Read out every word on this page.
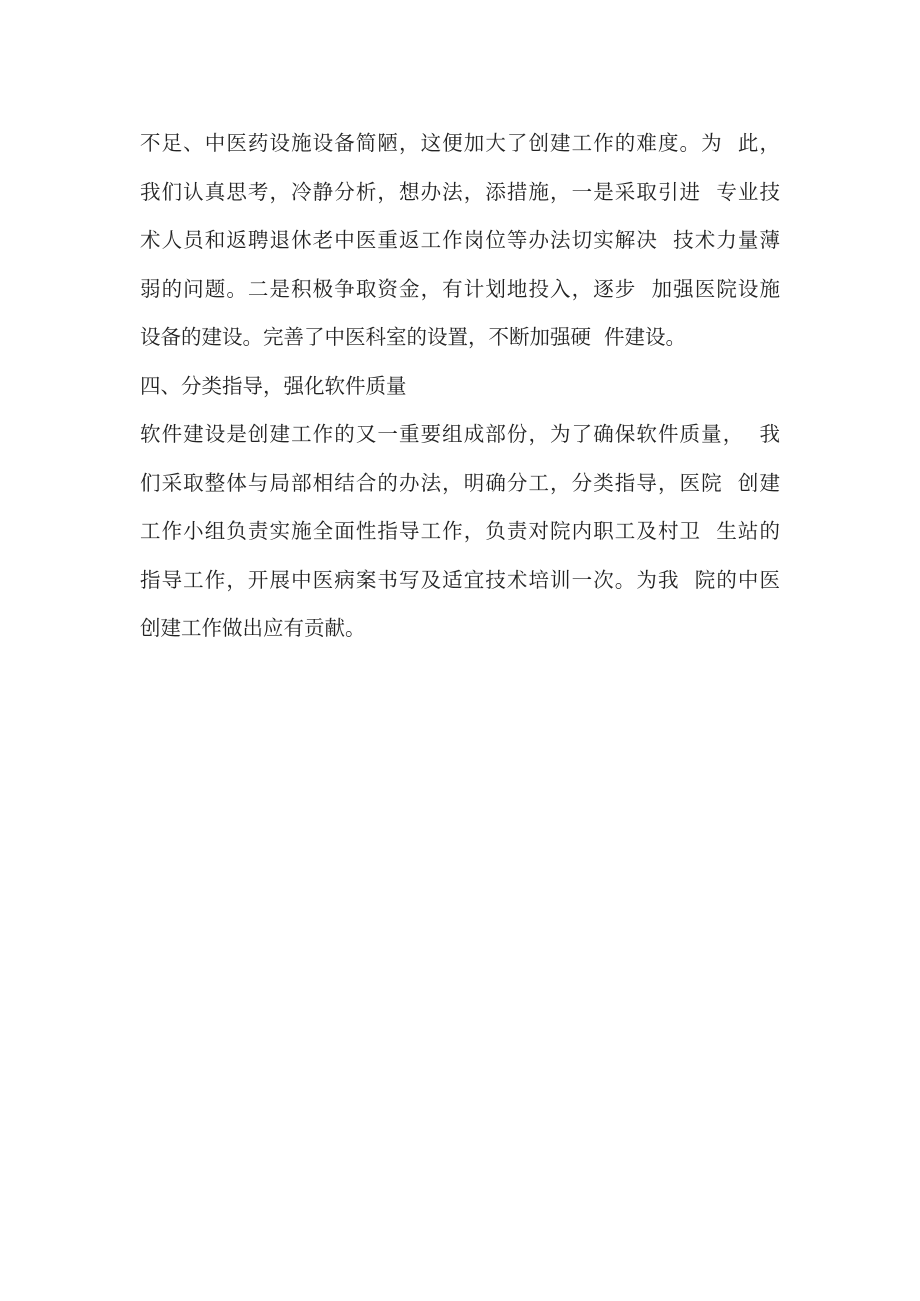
不足、中医药设施设备简陋，这便加大了创建工作的难度。为  此，
我们认真思考，冷静分析，想办法，添措施，一是采取引进  专业技
术人员和返聘退休老中医重返工作岗位等办法切实解决  技术力量薄
弱的问题。二是积极争取资金，有计划地投入，逐步  加强医院设施
设备的建设。完善了中医科室的设置，不断加强硬  件建设。
四、分类指导，强化软件质量
软件建设是创建工作的又一重要组成部份，为了确保软件质量，  我
们采取整体与局部相结合的办法，明确分工，分类指导，医院  创建
工作小组负责实施全面性指导工作，负责对院内职工及村卫  生站的
指导工作，开展中医病案书写及适宜技术培训一次。为我  院的中医
创建工作做出应有贡献。
